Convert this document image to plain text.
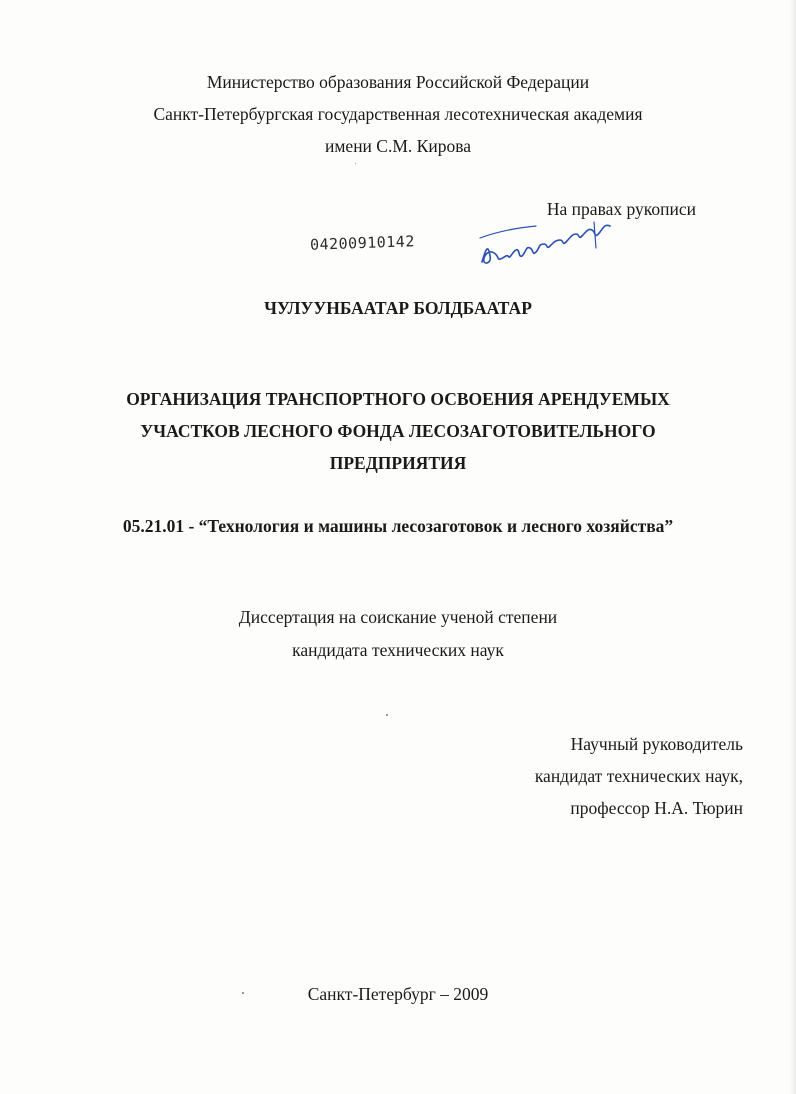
Министерство образования Российской Федерации
Санкт-Петербургская государственная лесотехническая академия
имени С.М. Кирова
На правах рукописи
04200910142
ЧУЛУУНБААТАР БОЛДБААТАР
ОРГАНИЗАЦИЯ ТРАНСПОРТНОГО ОСВОЕНИЯ АРЕНДУЕМЫХ
УЧАСТКОВ ЛЕСНОГО ФОНДА ЛЕСОЗАГОТОВИТЕЛЬНОГО
ПРЕДПРИЯТИЯ
05.21.01 - “Технология и машины лесозаготовок и лесного хозяйства”
Диссертация на соискание ученой степени
кандидата технических наук
Научный руководитель
кандидат технических наук,
профессор Н.А. Тюрин
Санкт-Петербург – 2009
